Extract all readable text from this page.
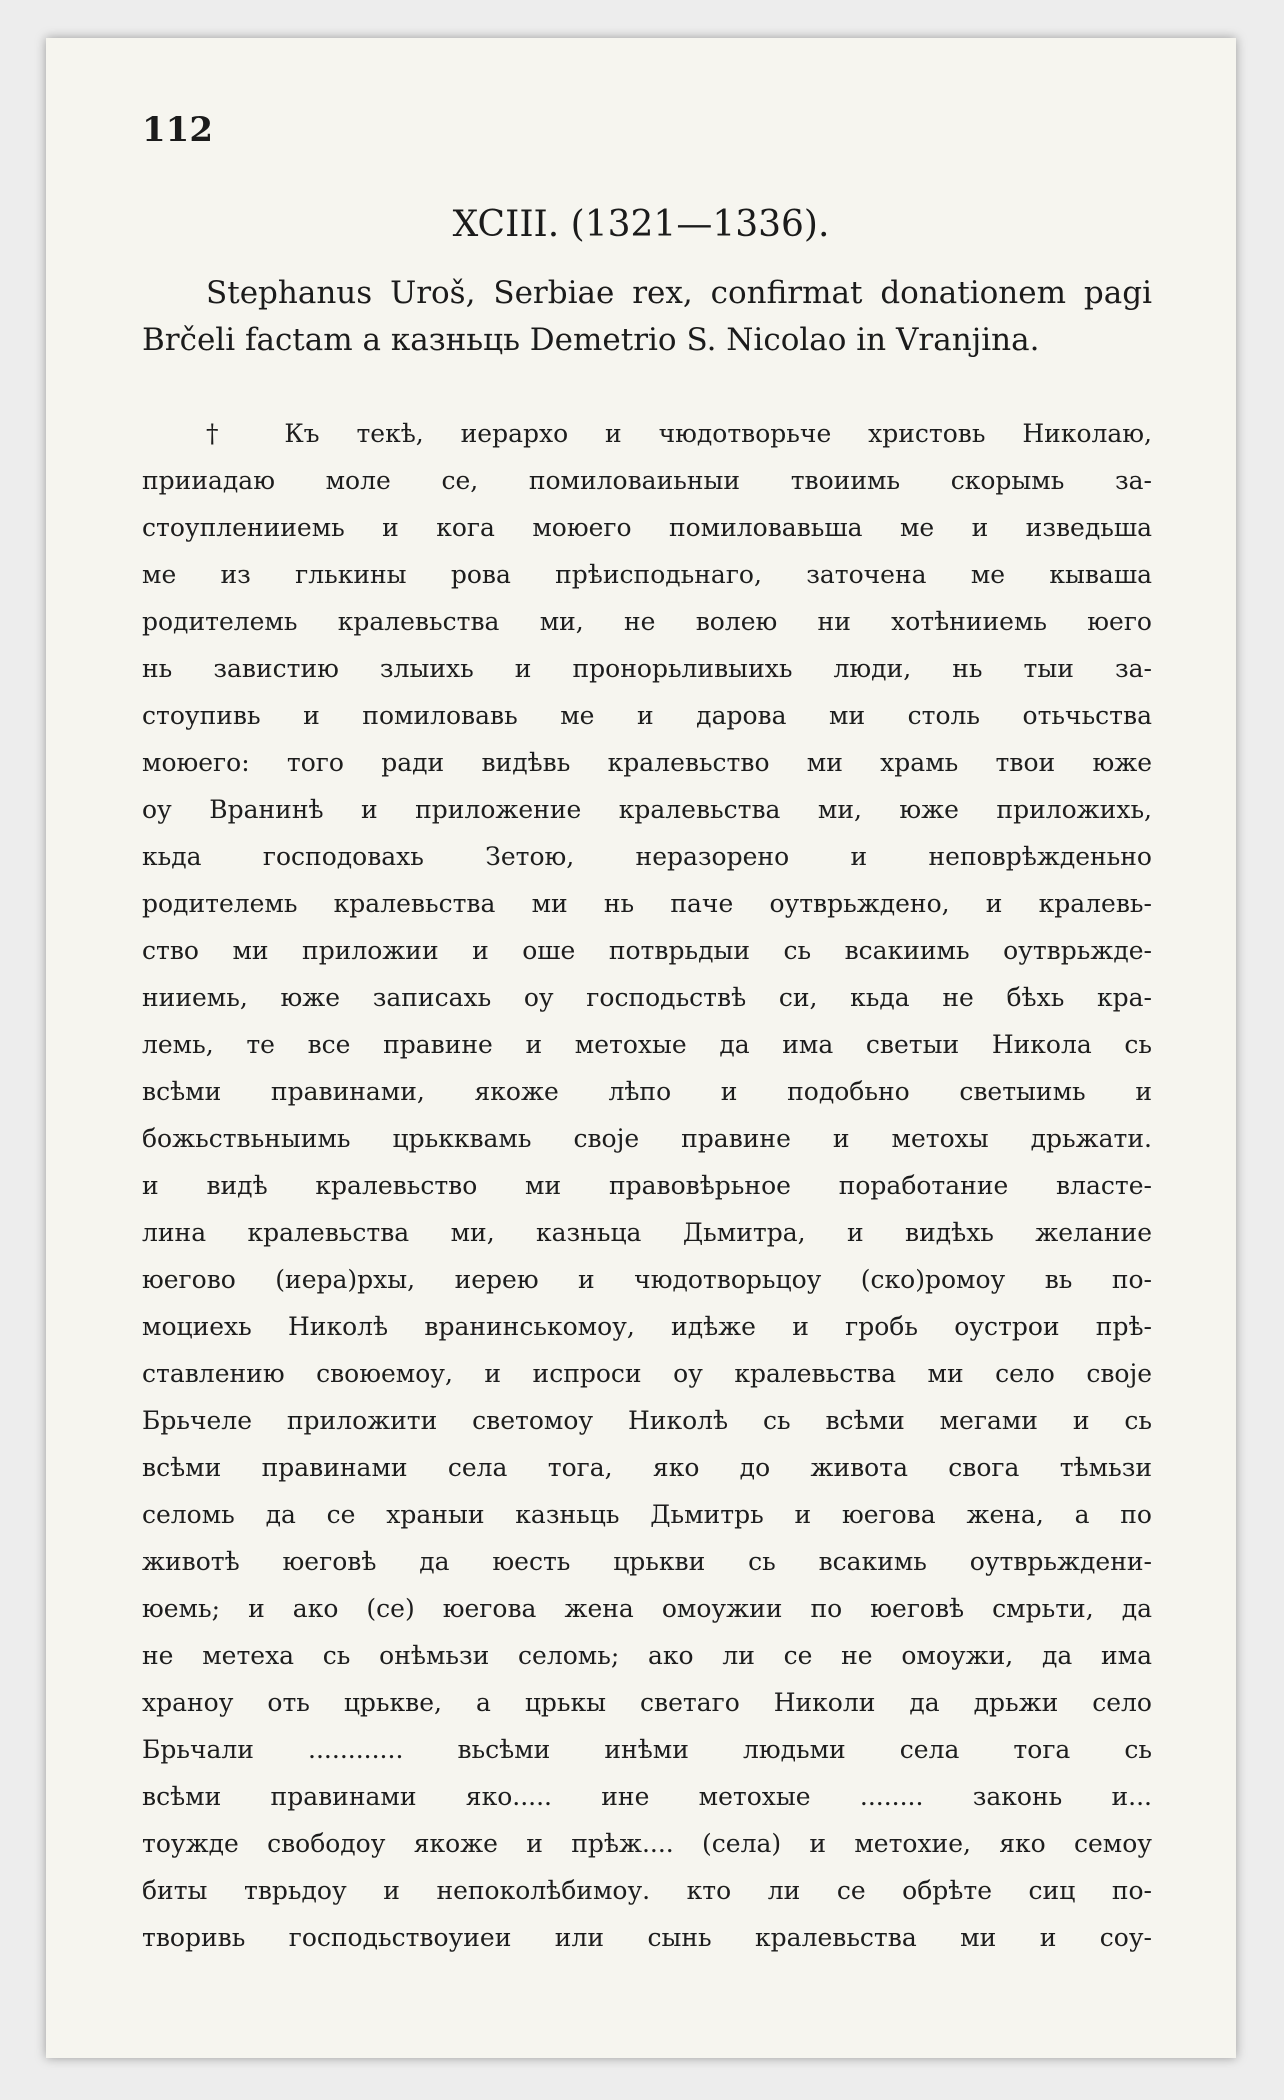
112
XCIII. (1321—1336).
Stephanus Uroš, Serbiae rex, confirmat donationem pagi Brčeli factam a казньць Demetrio S. Nicolao in Vranjina.
† Къ текѣ, иерархо и чюдотворьче христовь Николаю,
прииадаю моле се, помиловаиьныи твоиимь скорымь за-
стоупленииемь и кога моюего помиловавьша ме и изведьша
ме из глькины рова прѣисподьнаго, заточена ме кываша
родителемь кралевьства ми, не волею ни хотѣнииемь юего
нь завистию злыихь и пронорьливыихь люди, нь тыи за-
стоупивь и помиловавь ме и дарова ми столь отьчьства
моюего: того ради видѣвь кралевьство ми храмь твои юже
оу Вранинѣ и приложение кралевьства ми, юже приложихь,
кьда господовахь Зетою, неразорено и неповрѣжденьно
родителемь кралевьства ми нь паче оутврьждено, и кралевь-
ство ми приложии и оше потврьдыи сь всакиимь оутврьжде-
нииемь, юже записахь оу господьствѣ си, кьда не бѣхь кра-
лемь, те все правине и метохые да има светыи Никола сь
всѣми правинами, якоже лѣпо и подобьно светыимь и
божьствьныимь црькквамь своје правине и метохы дрьжати.
и видѣ кралевьство ми правовѣрьное поработание власте-
лина кралевьства ми, казньца Дьмитра, и видѣхь желание
юегово (иера)рхы, иерею и чюдотворьцоу (ско)ромоу вь по-
моциехь Николѣ вранинськомоу, идѣже и гробь оустрои прѣ-
ставлению своюемоу, и испроси оу кралевьства ми село своје
Брьчеле приложити светомоу Николѣ сь всѣми мегами и сь
всѣми правинами села тога, яко до живота свога тѣмьзи
селомь да се храныи казньць Дьмитрь и юегова жена, а по
животѣ юеговѣ да юесть црькви сь всакимь оутврьждени-
юемь; и ако (се) юегова жена омоужии по юеговѣ смрьти, да
не метеха сь онѣмьзи селомь; ако ли се не омоужи, да има
храноу оть црькве, а црькы светаго Николи да дрьжи село
Брьчали ............ вьсѣми инѣми людьми села тога сь
всѣми правинами яко..... ине метохые ........ законь и...
тоужде свободоу якоже и прѣж.... (села) и метохие, яко семоу
биты тврьдоу и непоколѣбимоу. кто ли се обрѣте сиц по-
творивь господьствоуиеи или сынь кралевьства ми и соу-
